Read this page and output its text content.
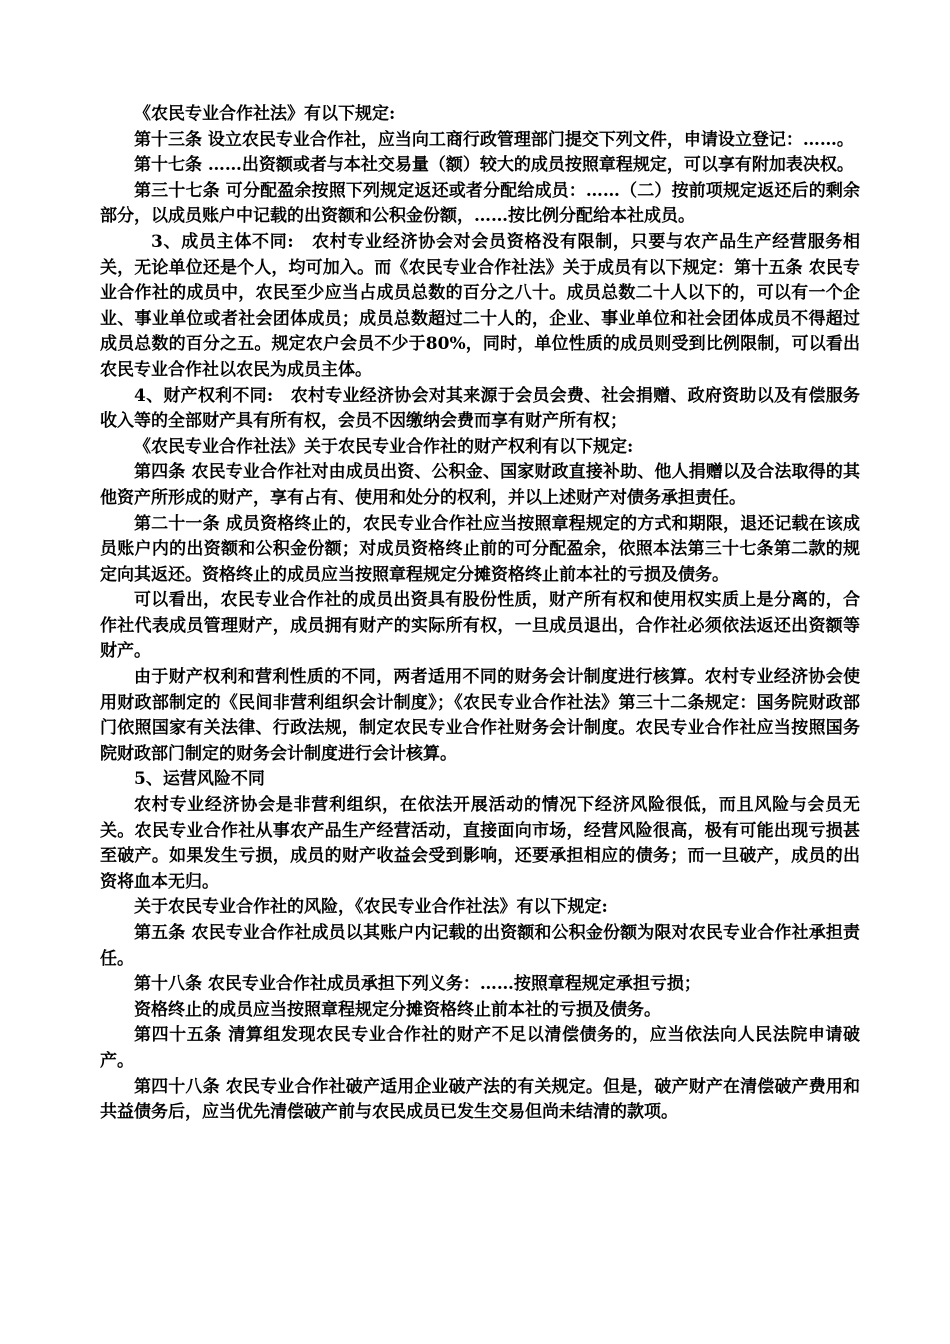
《农民专业合作社法》有以下规定:

第十三条 设立农民专业合作社，应当向工商行政管理部门提交下列文件，申请设立登记：……。

第十七条 ……出资额或者与本社交易量（额）较大的成员按照章程规定，可以享有附加表决权。

第三十七条 可分配盈余按照下列规定返还或者分配给成员：……（二）按前项规定返还后的剩余部分，以成员账户中记载的出资额和公积金份额，……按比例分配给本社成员。

3、成员主体不同:　农村专业经济协会对会员资格没有限制，只要与农产品生产经营服务相关，无论单位还是个人，均可加入。而《农民专业合作社法》关于成员有以下规定：第十五条 农民专业合作社的成员中，农民至少应当占成员总数的百分之八十。成员总数二十人以下的，可以有一个企业、事业单位或者社会团体成员；成员总数超过二十人的，企业、事业单位和社会团体成员不得超过成员总数的百分之五。规定农户会员不少于80%，同时，单位性质的成员则受到比例限制，可以看出农民专业合作社以农民为成员主体。

4、财产权利不同:　农村专业经济协会对其来源于会员会费、社会捐赠、政府资助以及有偿服务收入等的全部财产具有所有权，会员不因缴纳会费而享有财产所有权；

《农民专业合作社法》关于农民专业合作社的财产权利有以下规定:

第四条 农民专业合作社对由成员出资、公积金、国家财政直接补助、他人捐赠以及合法取得的其他资产所形成的财产，享有占有、使用和处分的权利，并以上述财产对债务承担责任。

第二十一条 成员资格终止的，农民专业合作社应当按照章程规定的方式和期限，退还记载在该成员账户内的出资额和公积金份额；对成员资格终止前的可分配盈余，依照本法第三十七条第二款的规定向其返还。资格终止的成员应当按照章程规定分摊资格终止前本社的亏损及债务。

可以看出，农民专业合作社的成员出资具有股份性质，财产所有权和使用权实质上是分离的，合作社代表成员管理财产，成员拥有财产的实际所有权，一旦成员退出，合作社必须依法返还出资额等财产。

由于财产权利和营利性质的不同，两者适用不同的财务会计制度进行核算。农村专业经济协会使用财政部制定的《民间非营利组织会计制度》；《农民专业合作社法》第三十二条规定：国务院财政部门依照国家有关法律、行政法规，制定农民专业合作社财务会计制度。农民专业合作社应当按照国务院财政部门制定的财务会计制度进行会计核算。

5、运营风险不同

农村专业经济协会是非营利组织，在依法开展活动的情况下经济风险很低，而且风险与会员无关。农民专业合作社从事农产品生产经营活动，直接面向市场，经营风险很高，极有可能出现亏损甚至破产。如果发生亏损，成员的财产收益会受到影响，还要承担相应的债务；而一旦破产，成员的出资将血本无归。

关于农民专业合作社的风险，《农民专业合作社法》有以下规定:

第五条 农民专业合作社成员以其账户内记载的出资额和公积金份额为限对农民专业合作社承担责任。

第十八条 农民专业合作社成员承担下列义务：……按照章程规定承担亏损；

资格终止的成员应当按照章程规定分摊资格终止前本社的亏损及债务。

第四十五条 清算组发现农民专业合作社的财产不足以清偿债务的，应当依法向人民法院申请破产。

第四十八条 农民专业合作社破产适用企业破产法的有关规定。但是，破产财产在清偿破产费用和共益债务后，应当优先清偿破产前与农民成员已发生交易但尚未结清的款项。
